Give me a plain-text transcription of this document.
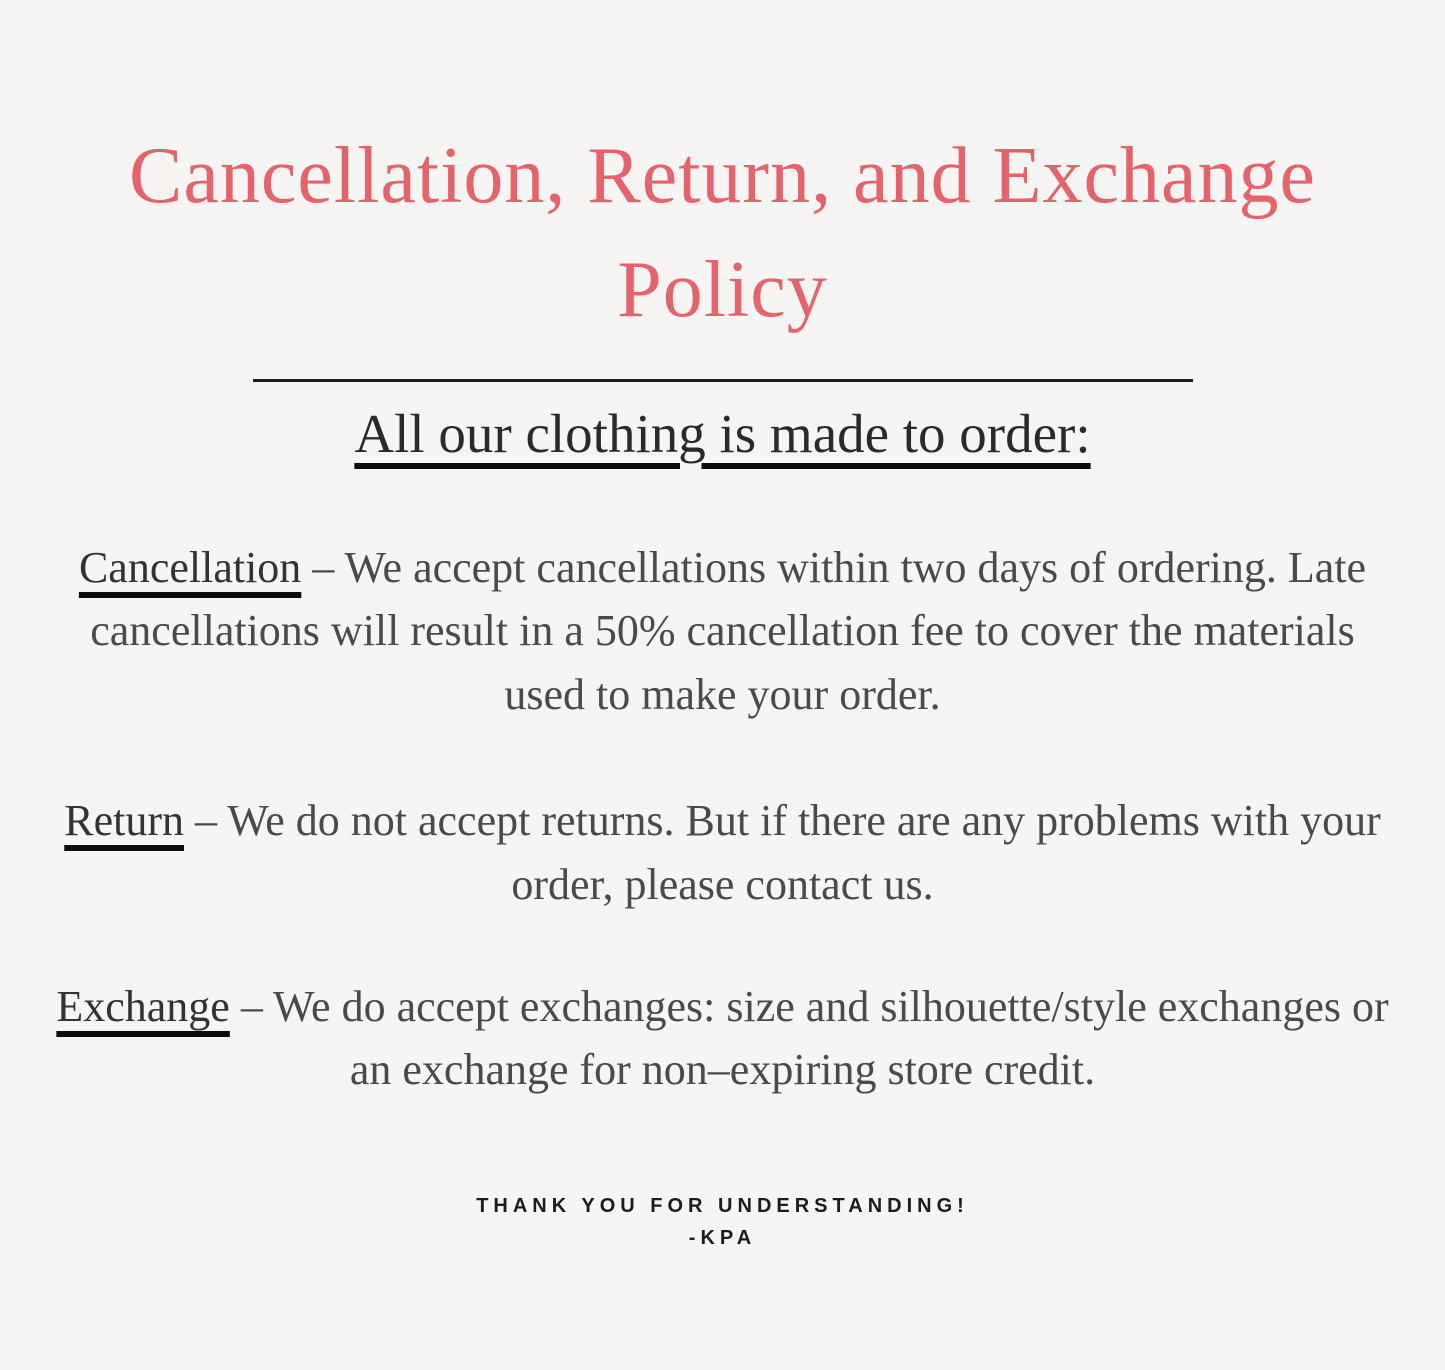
Cancellation, Return, and Exchange
Policy
All our clothing is made to order:

Cancellation – We accept cancellations within two days of ordering. Late cancellations will result in a 50% cancellation fee to cover the materials used to make your order.

Return – We do not accept returns. But if there are any problems with your order, please contact us.

Exchange – We do accept exchanges: size and silhouette/style exchanges or an exchange for non–expiring store credit.

THANK YOU FOR UNDERSTANDING!
-KPA
